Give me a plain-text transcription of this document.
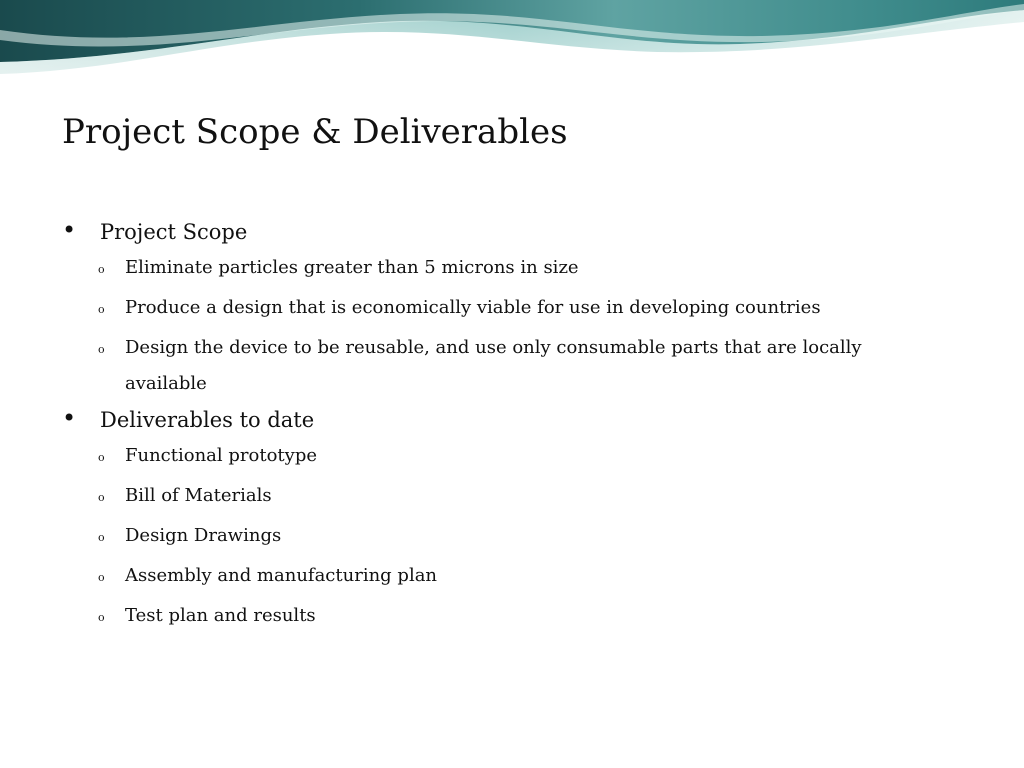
Project Scope & Deliverables
•	Project Scope
o	Eliminate particles greater than 5 microns in size
o	Produce a design that is economically viable for use in developing countries
o	Design the device to be reusable, and use only consumable parts that are locally available
•	Deliverables to date
o	Functional prototype
o	Bill of Materials
o	Design Drawings
o	Assembly and manufacturing plan
o	Test plan and results
